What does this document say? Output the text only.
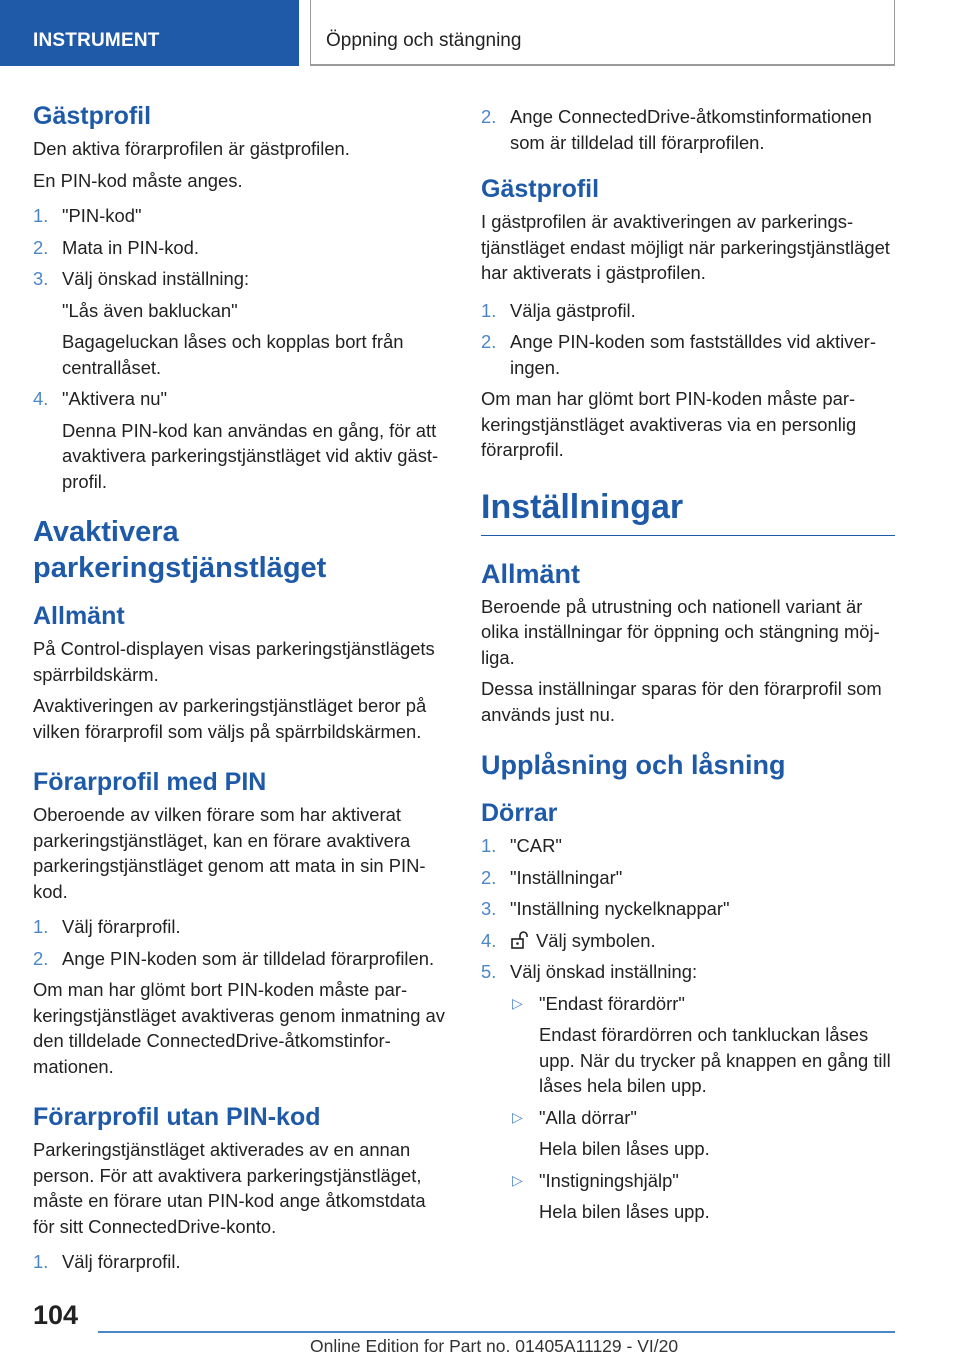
INSTRUMENT	Öppning och stängning
Gästprofil

Den aktiva förarprofilen är gästprofilen.

En PIN-kod måste anges.

1. "PIN-kod"
2. Mata in PIN-kod.
3. Välj önskad inställning:
"Lås även bakluckan"
Bagageluckan låses och kopplas bort från centrallåset.
4. "Aktivera nu"
Denna PIN-kod kan användas en gång, för att avaktivera parkeringstjänstläget vid aktiv gästprofil.
Avaktivera parkeringstjänstläget
Allmänt

På Control-displayen visas parkeringstjänstlägets spärrbildskärm.

Avaktiveringen av parkeringstjänstläget beror på vilken förarprofil som väljs på spärrbildskärmen.

Förarprofil med PIN

Oberoende av vilken förare som har aktiverat parkeringstjänstläget, kan en förare avaktivera parkeringstjänstläget genom att mata in sin PIN-kod.

1. Välj förarprofil.
2. Ange PIN-koden som är tilldelad förarprofilen.

Om man har glömt bort PIN-koden måste parkeringstjänstläget avaktiveras genom inmatning av den tilldelade ConnectedDrive-åtkomstinformationen.

Förarprofil utan PIN-kod

Parkeringstjänstläget aktiverades av en annan person. För att avaktivera parkeringstjänstläget, måste en förare utan PIN-kod ange åtkomstdata för sitt ConnectedDrive-konto.

1. Välj förarprofil.
2. Ange ConnectedDrive-åtkomstinformationen som är tilldelad till förarprofilen.
Gästprofil

I gästprofilen är avaktiveringen av parkeringstjänstläget endast möjligt när parkeringstjänstläget har aktiverats i gästprofilen.

1. Välja gästprofil.
2. Ange PIN-koden som fastställdes vid aktiveringen.

Om man har glömt bort PIN-koden måste parkeringstjänstläget avaktiveras via en personlig förarprofil.

Inställningar
Allmänt

Beroende på utrustning och nationell variant är olika inställningar för öppning och stängning möjliga.

Dessa inställningar sparas för den förarprofil som används just nu.

Upplåsning och låsning
Dörrar
1. "CAR"
2. "Inställningar"
3. "Inställning nyckelknappar"
4. Välj symbolen.
5. Välj önskad inställning:
▷ "Endast förardörr"
Endast förardörren och tankluckan låses upp. När du trycker på knappen en gång till låses hela bilen upp.
▷ "Alla dörrar"
Hela bilen låses upp.
▷ "Instigningshjälp"
Hela bilen låses upp.
104
Online Edition for Part no. 01405A11129 - VI/20
